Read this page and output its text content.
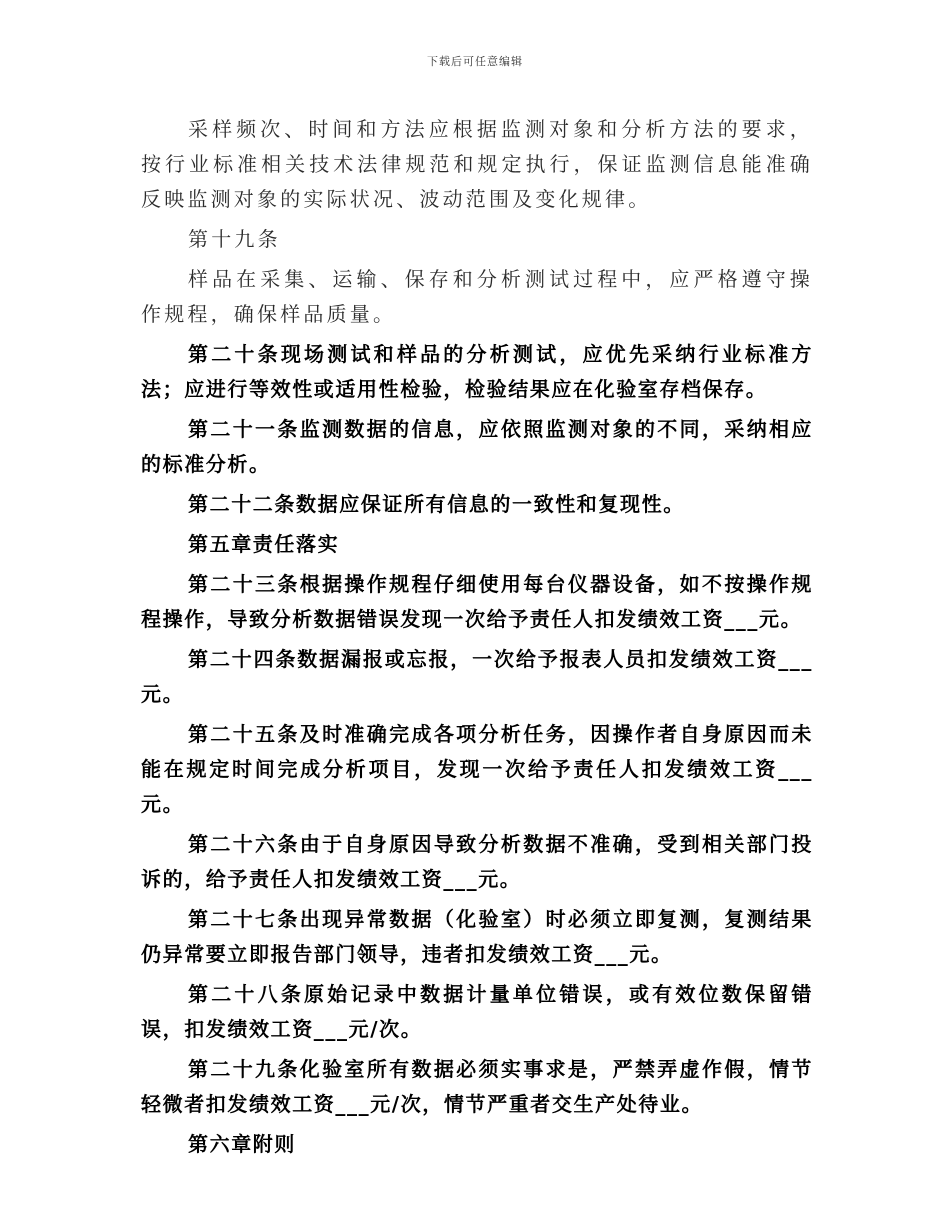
下载后可任意编辑

采样频次、时间和方法应根据监测对象和分析方法的要求，按行业标准相关技术法律规范和规定执行，保证监测信息能准确反映监测对象的实际状况、波动范围及变化规律。

第十九条

样品在采集、运输、保存和分析测试过程中，应严格遵守操作规程，确保样品质量。

第二十条现场测试和样品的分析测试，应优先采纳行业标准方法；应进行等效性或适用性检验，检验结果应在化验室存档保存。

第二十一条监测数据的信息，应依照监测对象的不同，采纳相应的标准分析。

第二十二条数据应保证所有信息的一致性和复现性。

第五章责任落实

第二十三条根据操作规程仔细使用每台仪器设备，如不按操作规程操作，导致分析数据错误发现一次给予责任人扣发绩效工资___元。

第二十四条数据漏报或忘报，一次给予报表人员扣发绩效工资___元。

第二十五条及时准确完成各项分析任务，因操作者自身原因而未能在规定时间完成分析项目，发现一次给予责任人扣发绩效工资___元。

第二十六条由于自身原因导致分析数据不准确，受到相关部门投诉的，给予责任人扣发绩效工资___元。

第二十七条出现异常数据（化验室）时必须立即复测，复测结果仍异常要立即报告部门领导，违者扣发绩效工资___元。

第二十八条原始记录中数据计量单位错误，或有效位数保留错误，扣发绩效工资___元/次。

第二十九条化验室所有数据必须实事求是，严禁弄虚作假，情节轻微者扣发绩效工资___元/次，情节严重者交生产处待业。

第六章附则
